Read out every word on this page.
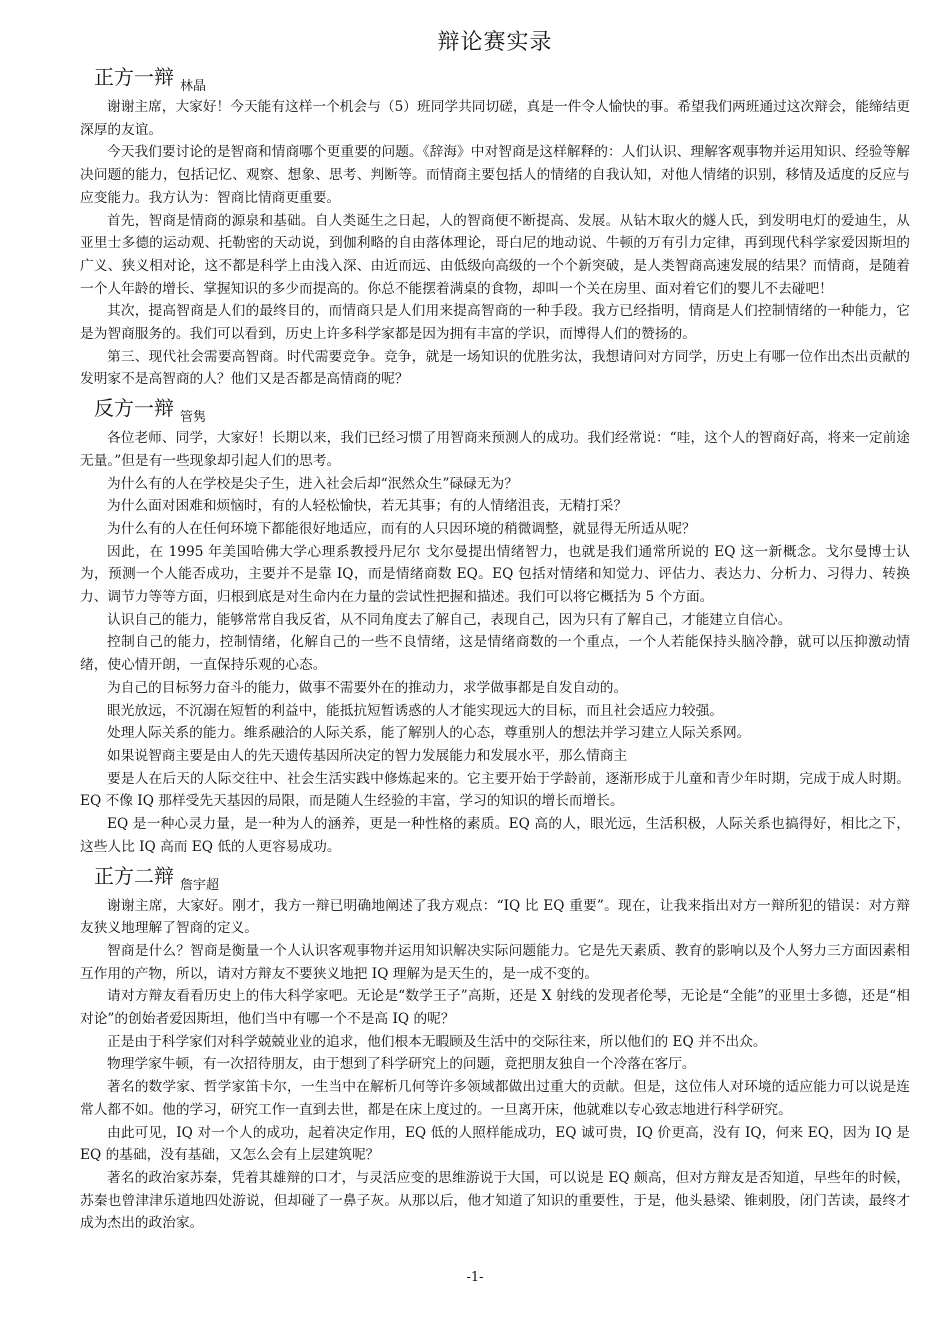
辩论赛实录
正方一辩 $_{林晶}$

谢谢主席，大家好！今天能有这样一个机会与（5）班同学共同切磋，真是一件令人愉快的事。希望我们两班通过这次辩会，能缔结更深厚的友谊。

今天我们要讨论的是智商和情商哪个更重要的问题。《辞海》中对智商是这样解释的：人们认识、理解客观事物并运用知识、经验等解决问题的能力，包括记忆、观察、想象、思考、判断等。而情商主要包括人的情绪的自我认知，对他人情绪的识别，移情及适度的反应与应变能力。我方认为：智商比情商更重要。

首先，智商是情商的源泉和基础。自人类诞生之日起，人的智商便不断提高、发展。从钻木取火的燧人氏，到发明电灯的爱迪生，从亚里士多德的运动观、托勒密的天动说，到伽利略的自由落体理论，哥白尼的地动说、牛顿的万有引力定律，再到现代科学家爱因斯坦的广义、狭义相对论，这不都是科学上由浅入深、由近而远、由低级向高级的一个个新突破，是人类智商高速发展的结果？而情商，是随着一个人年龄的增长、掌握知识的多少而提高的。你总不能摆着满桌的食物，却叫一个关在房里、面对着它们的婴儿不去碰吧！

其次，提高智商是人们的最终目的，而情商只是人们用来提高智商的一种手段。我方已经指明，情商是人们控制情绪的一种能力，它是为智商服务的。我们可以看到，历史上许多科学家都是因为拥有丰富的学识，而博得人们的赞扬的。

第三、现代社会需要高智商。时代需要竞争。竞争，就是一场知识的优胜劣汰，我想请问对方同学，历史上有哪一位作出杰出贡献的发明家不是高智商的人？他们又是否都是高情商的呢？

反方一辩 $_{管隽}$

各位老师、同学，大家好！长期以来，我们已经习惯了用智商来预测人的成功。我们经常说：“哇，这个人的智商好高，将来一定前途无量。”但是有一些现象却引起人们的思考。

为什么有的人在学校是尖子生，进入社会后却“泯然众生”碌碌无为？

为什么面对困难和烦恼时，有的人轻松愉快，若无其事；有的人情绪沮丧，无精打采？

为什么有的人在任何环境下都能很好地适应，而有的人只因环境的稍微调整，就显得无所适从呢？

因此，在 1995 年美国哈佛大学心理系教授丹尼尔 戈尔曼提出情绪智力，也就是我们通常所说的 EQ 这一新概念。戈尔曼博士认为，预测一个人能否成功，主要并不是靠 IQ，而是情绪商数 EQ。EQ 包括对情绪和知觉力、评估力、表达力、分析力、习得力、转换力、调节力等等方面，归根到底是对生命内在力量的尝试性把握和描述。我们可以将它概括为 5 个方面。

认识自己的能力，能够常常自我反省，从不同角度去了解自己，表现自己，因为只有了解自己，才能建立自信心。

控制自己的能力，控制情绪，化解自己的一些不良情绪，这是情绪商数的一个重点，一个人若能保持头脑冷静，就可以压抑激动情绪，使心情开朗，一直保持乐观的心态。

为自己的目标努力奋斗的能力，做事不需要外在的推动力，求学做事都是自发自动的。

眼光放远，不沉溺在短暂的利益中，能抵抗短暂诱惑的人才能实现远大的目标，而且社会适应力较强。

处理人际关系的能力。维系融洽的人际关系，能了解别人的心态，尊重别人的想法并学习建立人际关系网。

如果说智商主要是由人的先天遗传基因所决定的智力发展能力和发展水平，那么情商主

要是人在后天的人际交往中、社会生活实践中修炼起来的。它主要开始于学龄前，逐渐形成于儿童和青少年时期，完成于成人时期。EQ 不像 IQ 那样受先天基因的局限，而是随人生经验的丰富，学习的知识的增长而增长。

EQ 是一种心灵力量，是一种为人的涵养，更是一种性格的素质。EQ 高的人，眼光远，生活积极，人际关系也搞得好，相比之下，这些人比 IQ 高而 EQ 低的人更容易成功。

正方二辩 $_{詹宇超}$

谢谢主席，大家好。刚才，我方一辩已明确地阐述了我方观点：“IQ 比 EQ 重要”。现在，让我来指出对方一辩所犯的错误：对方辩友狭义地理解了智商的定义。

智商是什么？智商是衡量一个人认识客观事物并运用知识解决实际问题能力。它是先天素质、教育的影响以及个人努力三方面因素相互作用的产物，所以，请对方辩友不要狭义地把 IQ 理解为是天生的，是一成不变的。

请对方辩友看看历史上的伟大科学家吧。无论是“数学王子”高斯，还是 X 射线的发现者伦琴，无论是“全能”的亚里士多德，还是“相对论”的创始者爱因斯坦，他们当中有哪一个不是高 IQ 的呢？

正是由于科学家们对科学兢兢业业的追求，他们根本无暇顾及生活中的交际往来，所以他们的 EQ 并不出众。

物理学家牛顿，有一次招待朋友，由于想到了科学研究上的问题，竟把朋友独自一个冷落在客厅。

著名的数学家、哲学家笛卡尔，一生当中在解析几何等许多领域都做出过重大的贡献。但是，这位伟人对环境的适应能力可以说是连常人都不如。他的学习，研究工作一直到去世，都是在床上度过的。一旦离开床，他就难以专心致志地进行科学研究。

由此可见，IQ 对一个人的成功，起着决定作用，EQ 低的人照样能成功，EQ 诚可贵，IQ 价更高，没有 IQ，何来 EQ，因为 IQ 是 EQ 的基础，没有基础，又怎么会有上层建筑呢？

著名的政治家苏秦，凭着其雄辩的口才，与灵活应变的思维游说于大国，可以说是 EQ 颇高，但对方辩友是否知道，早些年的时候，苏秦也曾津津乐道地四处游说，但却碰了一鼻子灰。从那以后，他才知道了知识的重要性，于是，他头悬梁、锥刺股，闭门苦读，最终才成为杰出的政治家。

-1-
